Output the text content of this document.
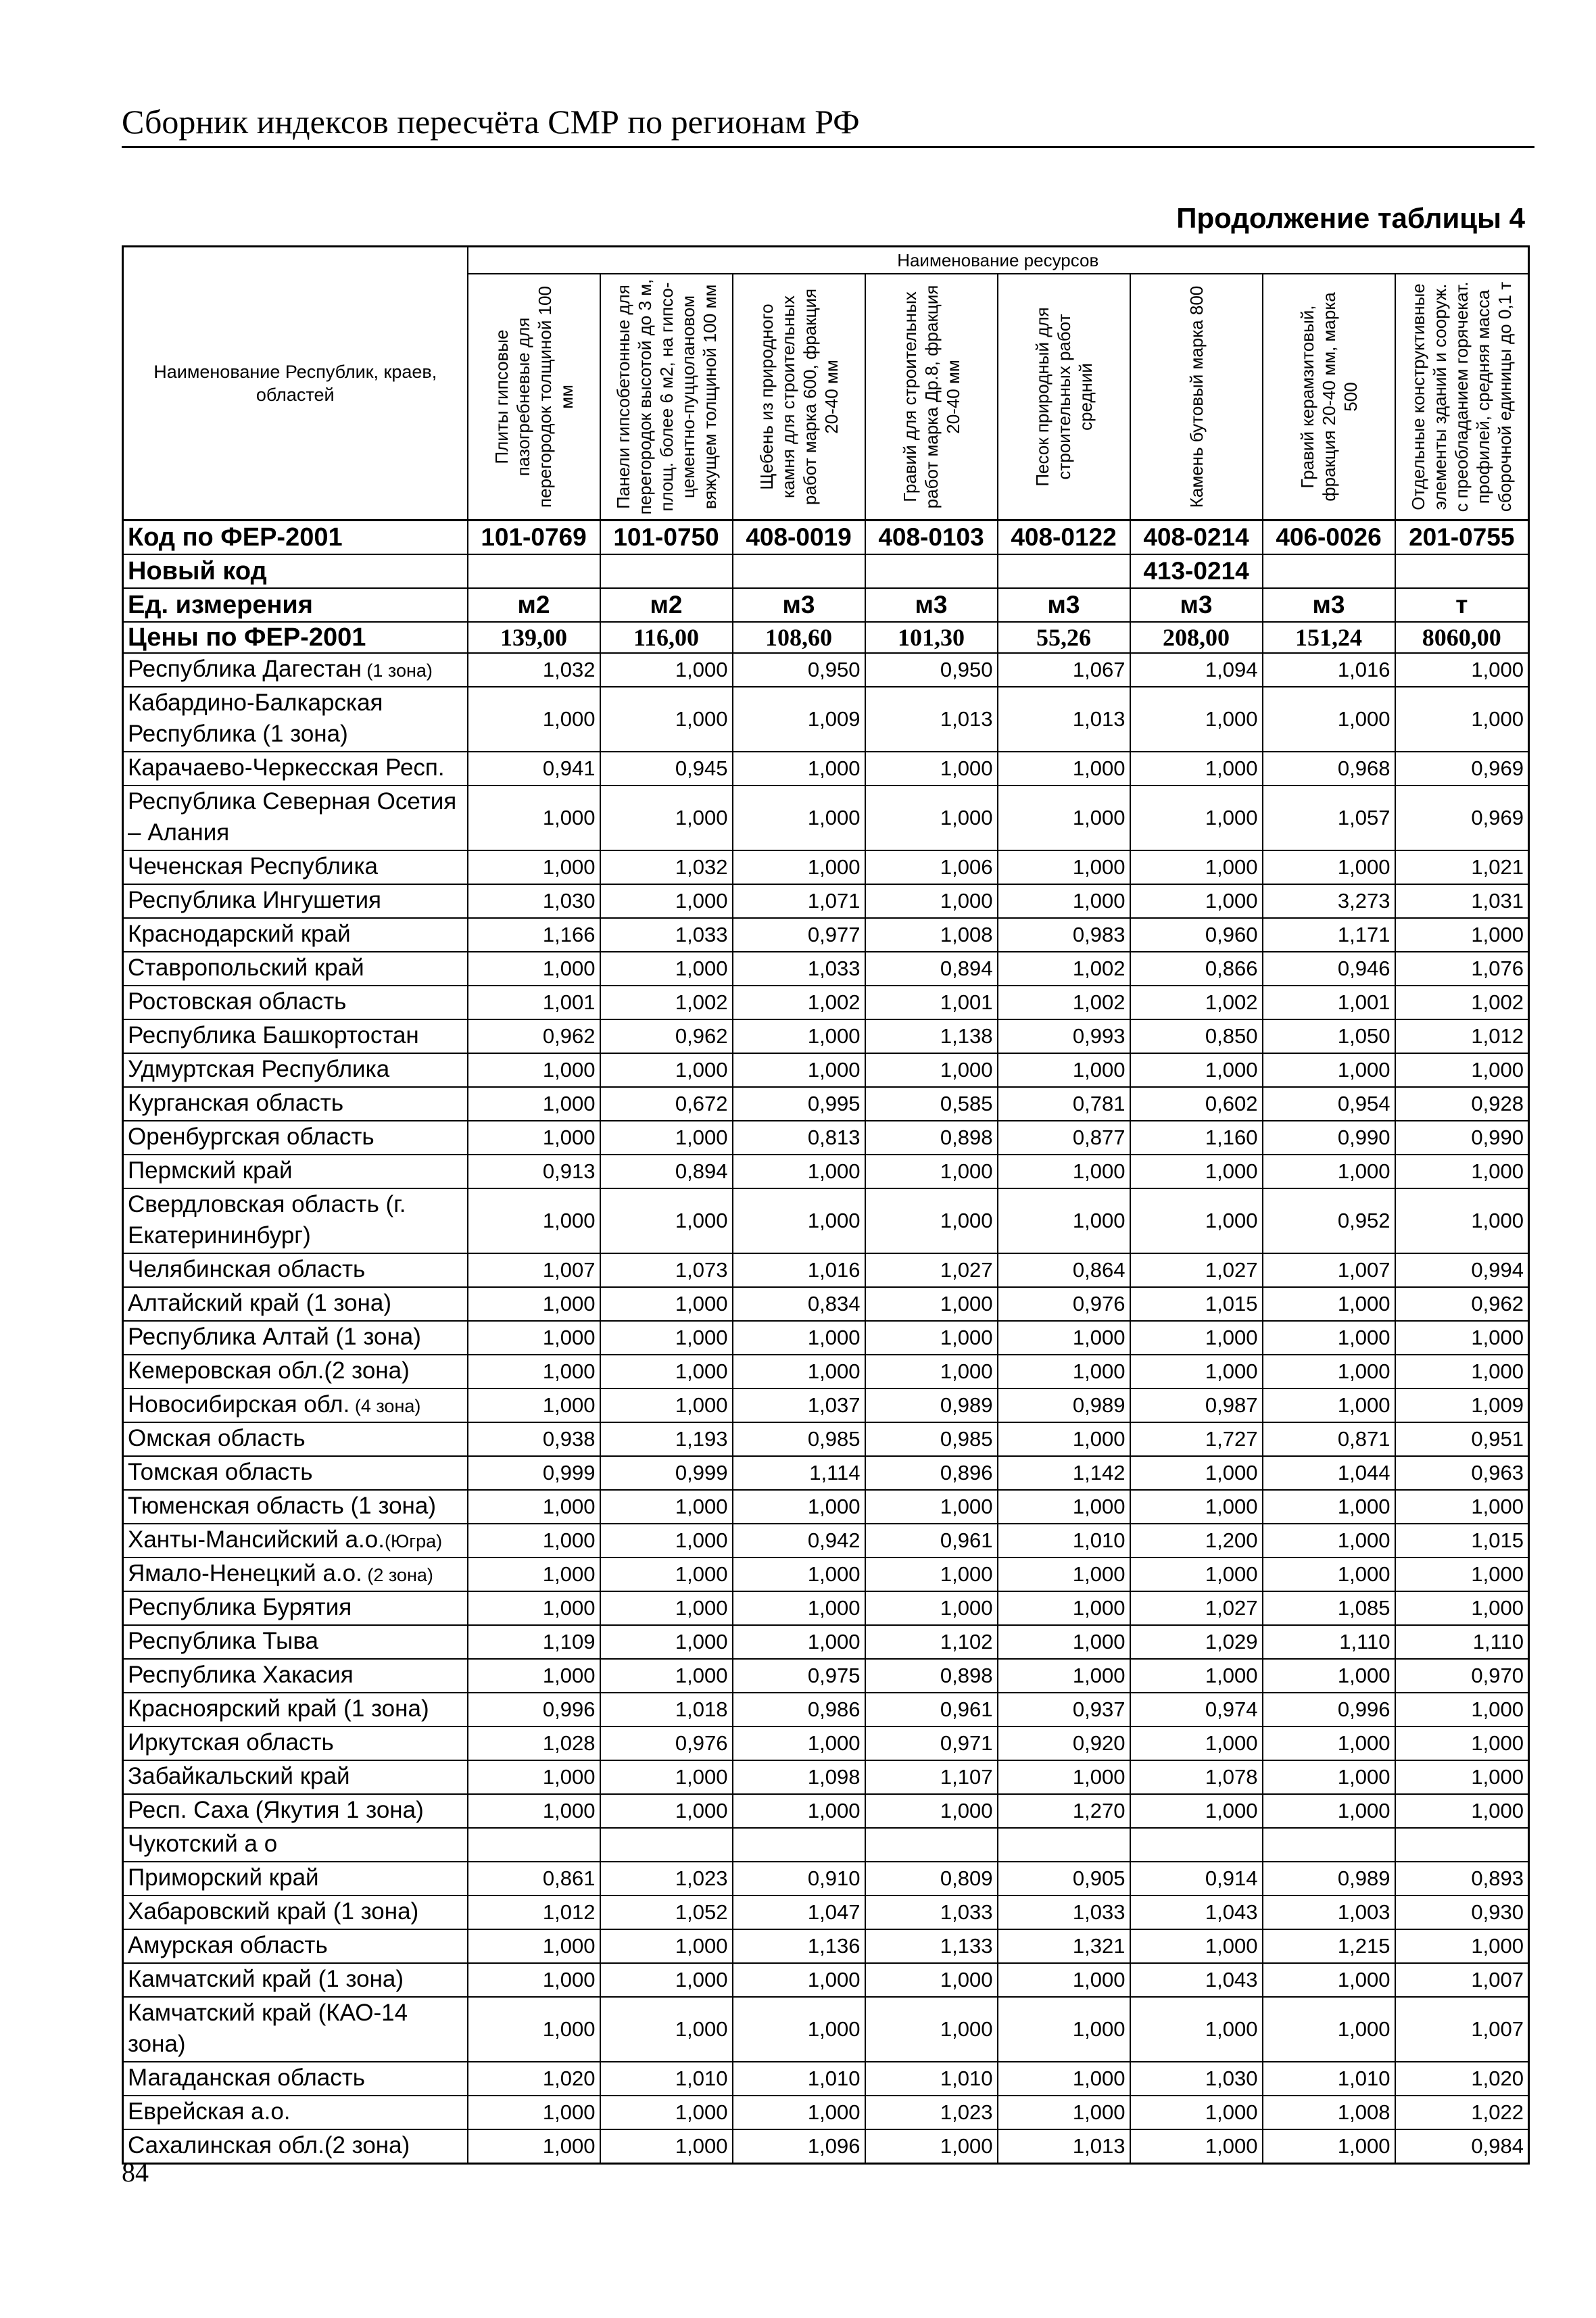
Сборник индексов пересчёта СМР по регионам РФ
Продолжение таблицы 4
Наименование Республик, краев, областей	Наименование ресурсов							

	Плиты гипсовые пазогребневые для перегородок толщиной 100 мм	Панели гипсобетонные для перегородок высотой до 3 м, площ. более 6 м2, на гипсо-цементно-пуццолановом вяжущем толщиной 100 мм	Щебень из природного камня для строительных работ марка 600, фракция 20-40 мм	Гравий для строительных работ марка Др.8, фракция 20-40 мм	Песок природный для строительных работ средний	Камень бутовый марка 800	Гравий керамзитовый, фракция 20-40 мм, марка 500	Отдельные конструктивные элементы зданий и сооруж. с преобладанием горячекат. профилей, средняя масса сборочной единицы до 0,1 т

Код по ФЕР-2001	101-0769	101-0750	408-0019	408-0103	408-0122	408-0214	406-0026	201-0755
Новый код						413-0214		
Ед. измерения	м2	м2	м3	м3	м3	м3	м3	т
Цены по ФЕР-2001	139,00	116,00	108,60	101,30	55,26	208,00	151,24	8060,00
Республика Дагестан (1 зона)	1,032	1,000	0,950	0,950	1,067	1,094	1,016	1,000
Кабардино-Балкарская Республика (1 зона)	1,000	1,000	1,009	1,013	1,013	1,000	1,000	1,000
Карачаево-Черкесская Респ.	0,941	0,945	1,000	1,000	1,000	1,000	0,968	0,969
Республика Северная Осетия – Алания	1,000	1,000	1,000	1,000	1,000	1,000	1,057	0,969
Чеченская Республика	1,000	1,032	1,000	1,006	1,000	1,000	1,000	1,021
Республика Ингушетия	1,030	1,000	1,071	1,000	1,000	1,000	3,273	1,031
Краснодарский край	1,166	1,033	0,977	1,008	0,983	0,960	1,171	1,000
Ставропольский край	1,000	1,000	1,033	0,894	1,002	0,866	0,946	1,076
Ростовская область	1,001	1,002	1,002	1,001	1,002	1,002	1,001	1,002
Республика Башкортостан	0,962	0,962	1,000	1,138	0,993	0,850	1,050	1,012
Удмуртская Республика	1,000	1,000	1,000	1,000	1,000	1,000	1,000	1,000
Курганская область	1,000	0,672	0,995	0,585	0,781	0,602	0,954	0,928
Оренбургская область	1,000	1,000	0,813	0,898	0,877	1,160	0,990	0,990
Пермский край	0,913	0,894	1,000	1,000	1,000	1,000	1,000	1,000
Свердловская область (г. Екатерининбург)	1,000	1,000	1,000	1,000	1,000	1,000	0,952	1,000
Челябинская область	1,007	1,073	1,016	1,027	0,864	1,027	1,007	0,994
Алтайский край (1 зона)	1,000	1,000	0,834	1,000	0,976	1,015	1,000	0,962
Республика Алтай (1 зона)	1,000	1,000	1,000	1,000	1,000	1,000	1,000	1,000
Кемеровская обл.(2 зона)	1,000	1,000	1,000	1,000	1,000	1,000	1,000	1,000
Новосибирская обл. (4 зона)	1,000	1,000	1,037	0,989	0,989	0,987	1,000	1,009
Омская область	0,938	1,193	0,985	0,985	1,000	1,727	0,871	0,951
Томская область	0,999	0,999	1,114	0,896	1,142	1,000	1,044	0,963
Тюменская область (1 зона)	1,000	1,000	1,000	1,000	1,000	1,000	1,000	1,000
Ханты-Мансийский а.о.(Югра)	1,000	1,000	0,942	0,961	1,010	1,200	1,000	1,015
Ямало-Ненецкий а.о. (2 зона)	1,000	1,000	1,000	1,000	1,000	1,000	1,000	1,000
Республика Бурятия	1,000	1,000	1,000	1,000	1,000	1,027	1,085	1,000
Республика Тыва	1,109	1,000	1,000	1,102	1,000	1,029	1,110	1,110
Республика Хакасия	1,000	1,000	0,975	0,898	1,000	1,000	1,000	0,970
Красноярский край (1 зона)	0,996	1,018	0,986	0,961	0,937	0,974	0,996	1,000
Иркутская область	1,028	0,976	1,000	0,971	0,920	1,000	1,000	1,000
Забайкальский край	1,000	1,000	1,098	1,107	1,000	1,078	1,000	1,000
Респ. Саха (Якутия 1 зона)	1,000	1,000	1,000	1,000	1,270	1,000	1,000	1,000
Чукотский а о								
Приморский край	0,861	1,023	0,910	0,809	0,905	0,914	0,989	0,893
Хабаровский край (1 зона)	1,012	1,052	1,047	1,033	1,033	1,043	1,003	0,930
Амурская область	1,000	1,000	1,136	1,133	1,321	1,000	1,215	1,000
Камчатский край (1 зона)	1,000	1,000	1,000	1,000	1,000	1,043	1,000	1,007
Камчатский край (КАО-14 зона)	1,000	1,000	1,000	1,000	1,000	1,000	1,000	1,007
Магаданская область	1,020	1,010	1,010	1,010	1,000	1,030	1,010	1,020
Еврейская а.о.	1,000	1,000	1,000	1,023	1,000	1,000	1,008	1,022
Сахалинская обл.(2 зона)	1,000	1,000	1,096	1,000	1,013	1,000	1,000	0,984
84
